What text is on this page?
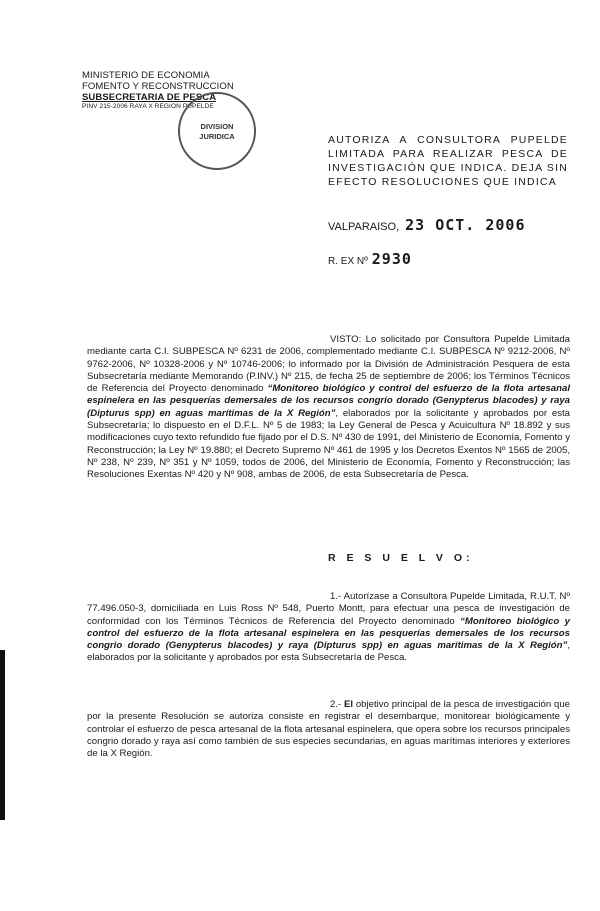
MINISTERIO DE ECONOMIA
FOMENTO Y RECONSTRUCCION
SUBSECRETARIA DE PESCA
PINV 215-2006 RAYA X REGION PUPELDE
DIVISION
JURIDICA	AUTORIZA A CONSULTORA PUPELDE LIMITADA PARA REALIZAR PESCA DE INVESTIGACIÓN QUE INDICA. DEJA SIN EFECTO RESOLUCIONES QUE INDICA
VALPARAISO, 23 OCT. 2006
R. EX Nº 2930
VISTO: Lo solicitado por Consultora Pupelde Limitada mediante carta C.I. SUBPESCA Nº 6231 de 2006, complementado mediante C.I. SUBPESCA Nº 9212-2006, Nº 9762-2006, Nº 10328-2006 y Nº 10746-2006; lo informado por la División de Administración Pesquera de esta Subsecretaría mediante Memorando (P.INV.) Nº 215, de fecha 25 de septiembre de 2006; los Términos Técnicos de Referencia del Proyecto denominado “Monitoreo biológico y control del esfuerzo de la flota artesanal espinelera en las pesquerías demersales de los recursos congrio dorado (Genypterus blacodes) y raya (Dipturus spp) en aguas marítimas de la X Región”, elaborados por la solicitante y aprobados por esta Subsecretaría; lo dispuesto en el D.F.L. Nº 5 de 1983; la Ley General de Pesca y Acuicultura Nº 18.892 y sus modificaciones cuyo texto refundido fue fijado por el D.S. Nº 430 de 1991, del Ministerio de Economía, Fomento y Reconstrucción; la Ley Nº 19.880; el Decreto Supremo Nº 461 de 1995 y los Decretos Exentos Nº 1565 de 2005, Nº 238, Nº 239, Nº 351 y Nº 1059, todos de 2006, del Ministerio de Economía, Fomento y Reconstrucción; las Resoluciones Exentas Nº 420 y Nº 908, ambas de 2006, de esta Subsecretaría de Pesca.
R E S U E L V O:
1.- Autorízase a Consultora Pupelde Limitada, R.U.T. Nº 77.496.050-3, domiciliada en Luis Ross Nº 548, Puerto Montt, para efectuar una pesca de investigación de conformidad con los Términos Técnicos de Referencia del Proyecto denominado “Monitoreo biológico y control del esfuerzo de la flota artesanal espinelera en las pesquerías demersales de los recursos congrio dorado (Genypterus blacodes) y raya (Dipturus spp) en aguas marítimas de la X Región”, elaborados por la solicitante y aprobados por esta Subsecretaría de Pesca.
2.- El objetivo principal de la pesca de investigación que por la presente Resolución se autoriza consiste en registrar el desembarque, monitorear biológicamente y controlar el esfuerzo de pesca artesanal de la flota artesanal espinelera, que opera sobre los recursos principales congrio dorado y raya así como también de sus especies secundarias, en aguas marítimas interiores y exteriores de la X Región.
